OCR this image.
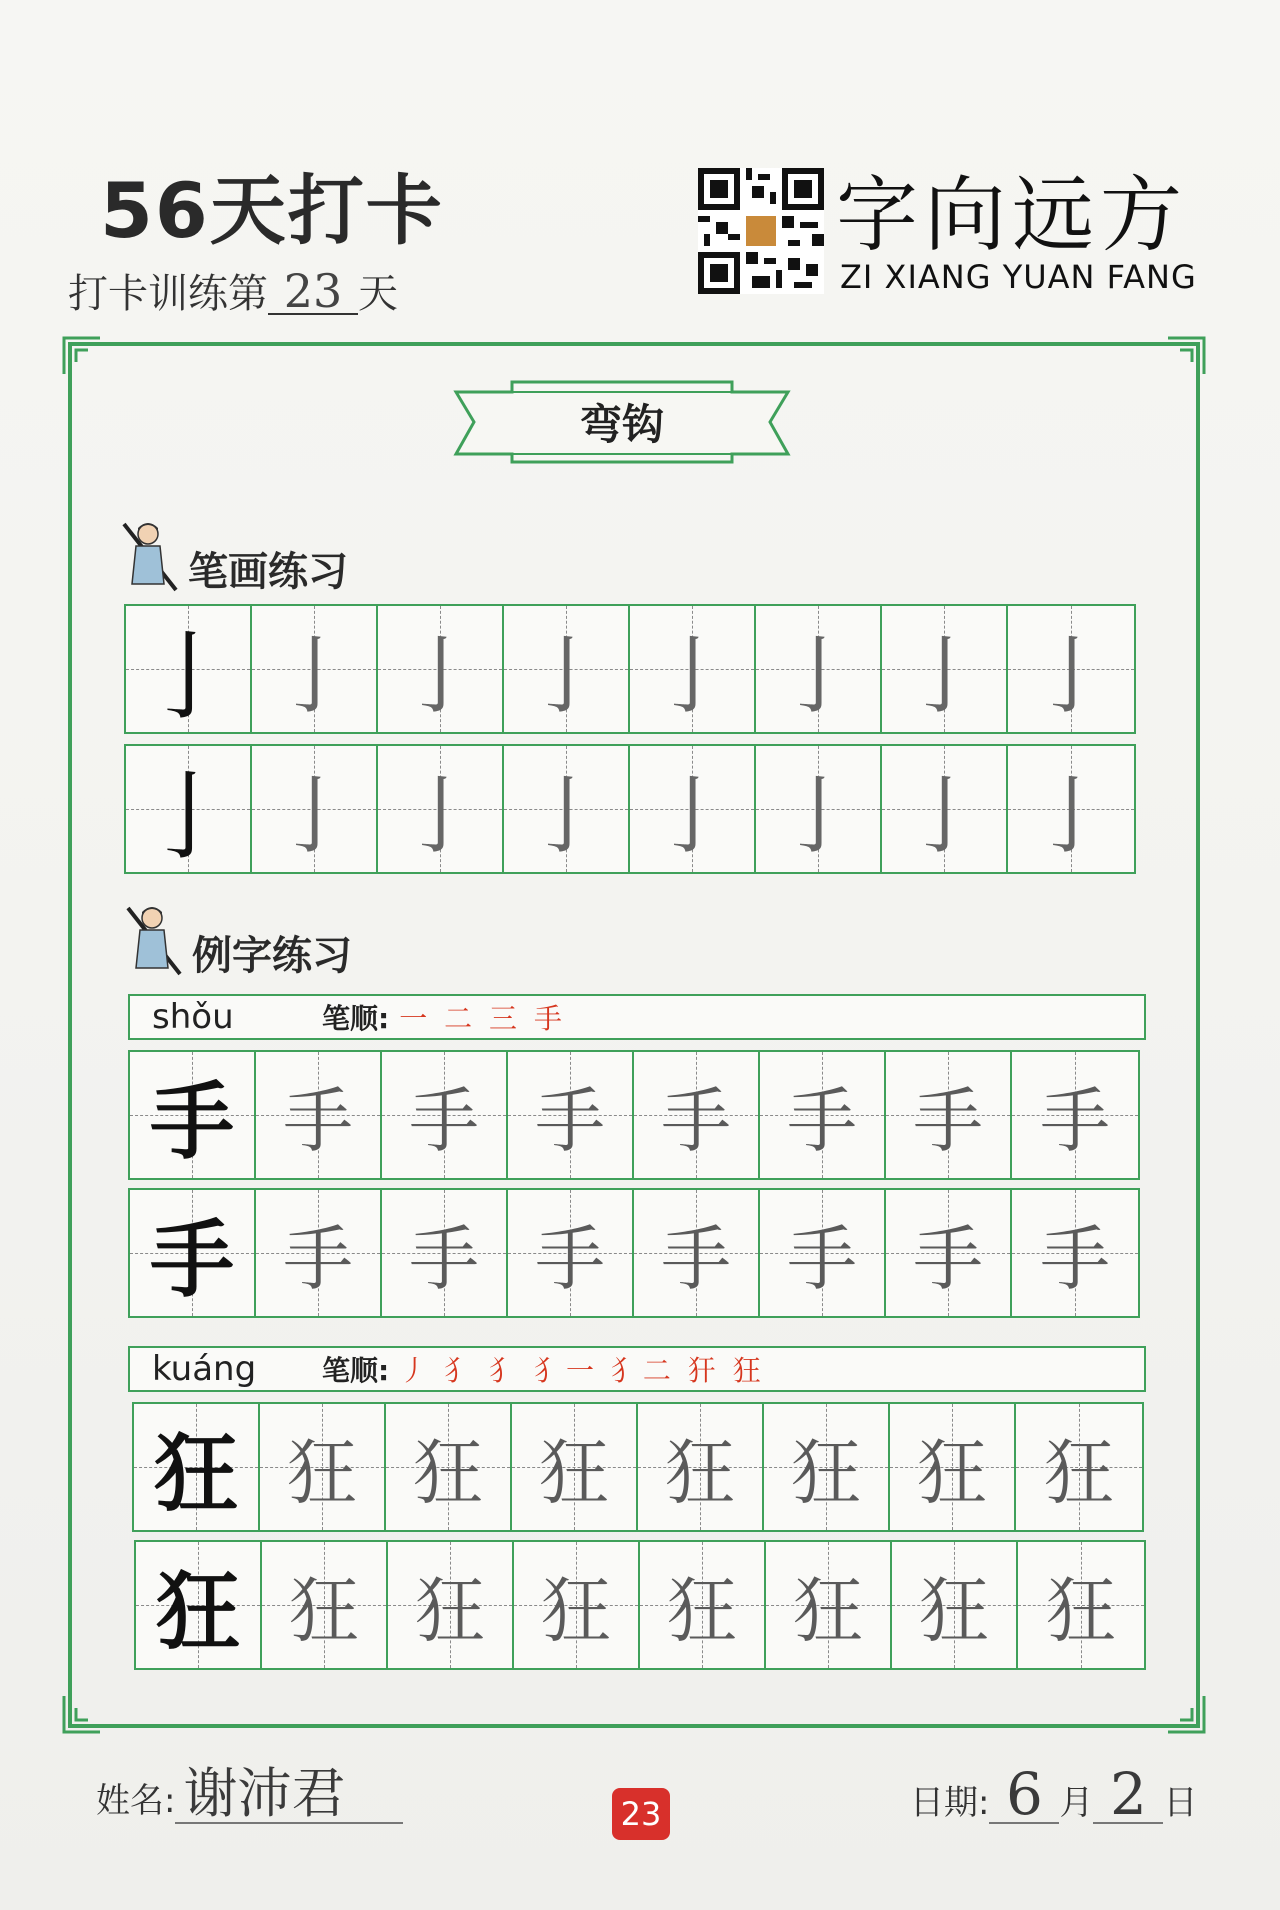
56天打卡
打卡训练第 23 天
字向远方
ZI XIANG YUAN FANG
弯钩
笔画练习
亅 亅 亅 亅 亅 亅 亅 亅
亅 亅 亅 亅 亅 亅 亅 亅
例字练习
shǒu	笔顺: 一 二 三 手
手 手 手 手 手 手 手 手
手 手 手 手 手 手 手 手
kuáng	笔顺: 丿 犭 犭 犭一 犭二 犴 狂
狂 狂 狂 狂 狂 狂 狂 狂
狂 狂 狂 狂 狂 狂 狂 狂
姓名: 谢沛君	23	日期: 6 月 2 日
